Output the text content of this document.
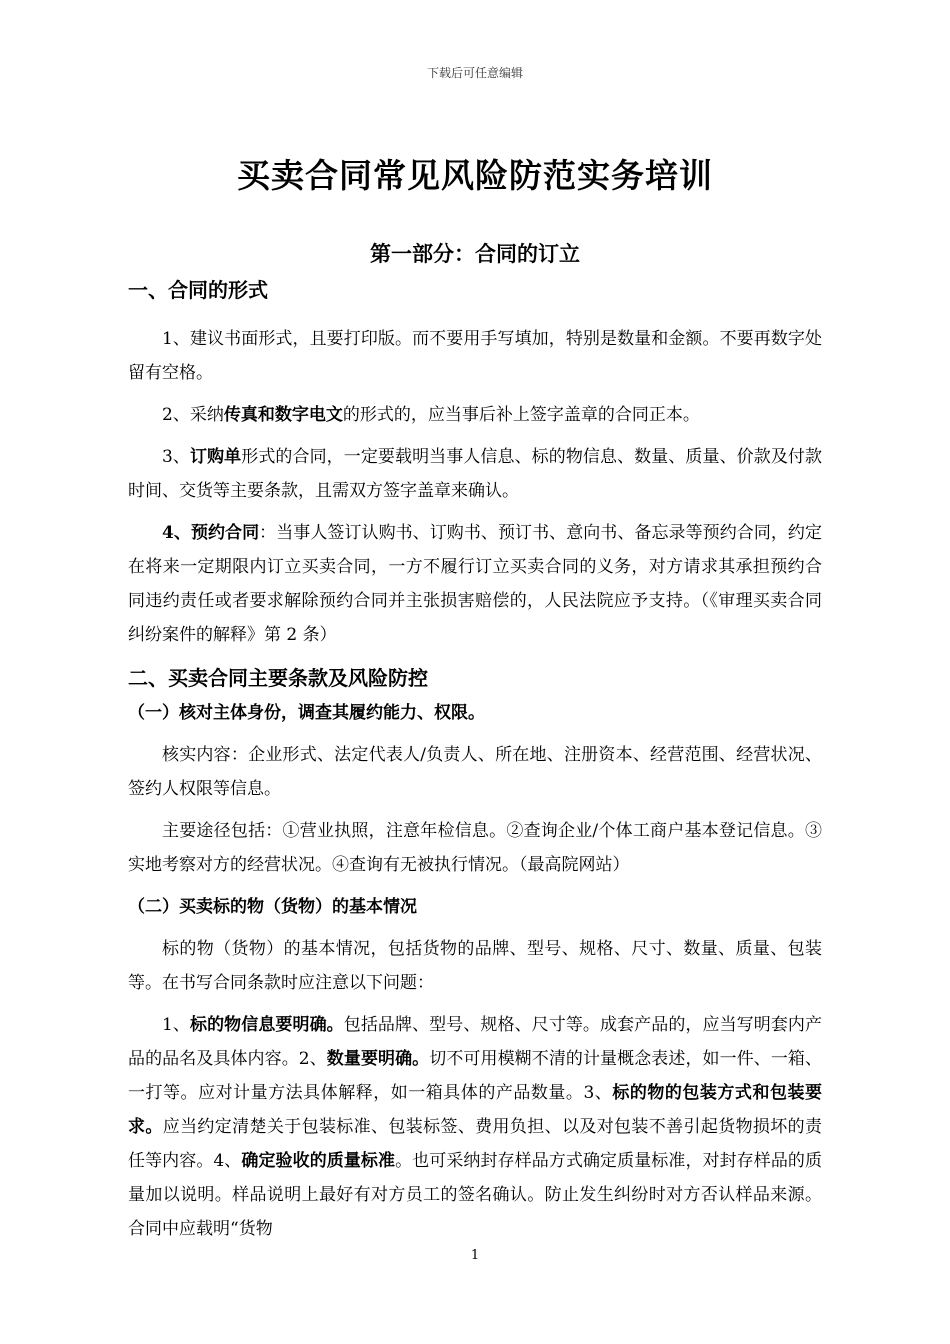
下载后可任意编辑
买卖合同常见风险防范实务培训
第一部分：合同的订立

一、合同的形式

1、建议书面形式，且要打印版。而不要用手写填加，特别是数量和金额。不要再数字处留有空格。

2、采纳传真和数字电文的形式的，应当事后补上签字盖章的合同正本。

3、订购单形式的合同，一定要载明当事人信息、标的物信息、数量、质量、价款及付款时间、交货等主要条款，且需双方签字盖章来确认。

4、预约合同：当事人签订认购书、订购书、预订书、意向书、备忘录等预约合同，约定在将来一定期限内订立买卖合同，一方不履行订立买卖合同的义务，对方请求其承担预约合同违约责任或者要求解除预约合同并主张损害赔偿的，人民法院应予支持。（《审理买卖合同纠纷案件的解释》第 2 条）

二、买卖合同主要条款及风险防控

（一）核对主体身份，调查其履约能力、权限。

核实内容：企业形式、法定代表人/负责人、所在地、注册资本、经营范围、经营状况、签约人权限等信息。

主要途径包括：①营业执照，注意年检信息。②查询企业/个体工商户基本登记信息。③实地考察对方的经营状况。④查询有无被执行情况。（最高院网站）

（二）买卖标的物（货物）的基本情况

标的物（货物）的基本情况，包括货物的品牌、型号、规格、尺寸、数量、质量、包装等。在书写合同条款时应注意以下问题：

1、标的物信息要明确。包括品牌、型号、规格、尺寸等。成套产品的，应当写明套内产品的品名及具体内容。2、数量要明确。切不可用模糊不清的计量概念表述，如一件、一箱、一打等。应对计量方法具体解释，如一箱具体的产品数量。3、标的物的包装方式和包装要求。应当约定清楚关于包装标准、包装标签、费用负担、以及对包装不善引起货物损坏的责任等内容。4、确定验收的质量标准。也可采纳封存样品方式确定质量标准，对封存样品的质量加以说明。样品说明上最好有对方员工的签名确认。防止发生纠纷时对方否认样品来源。合同中应载明“货物

1
